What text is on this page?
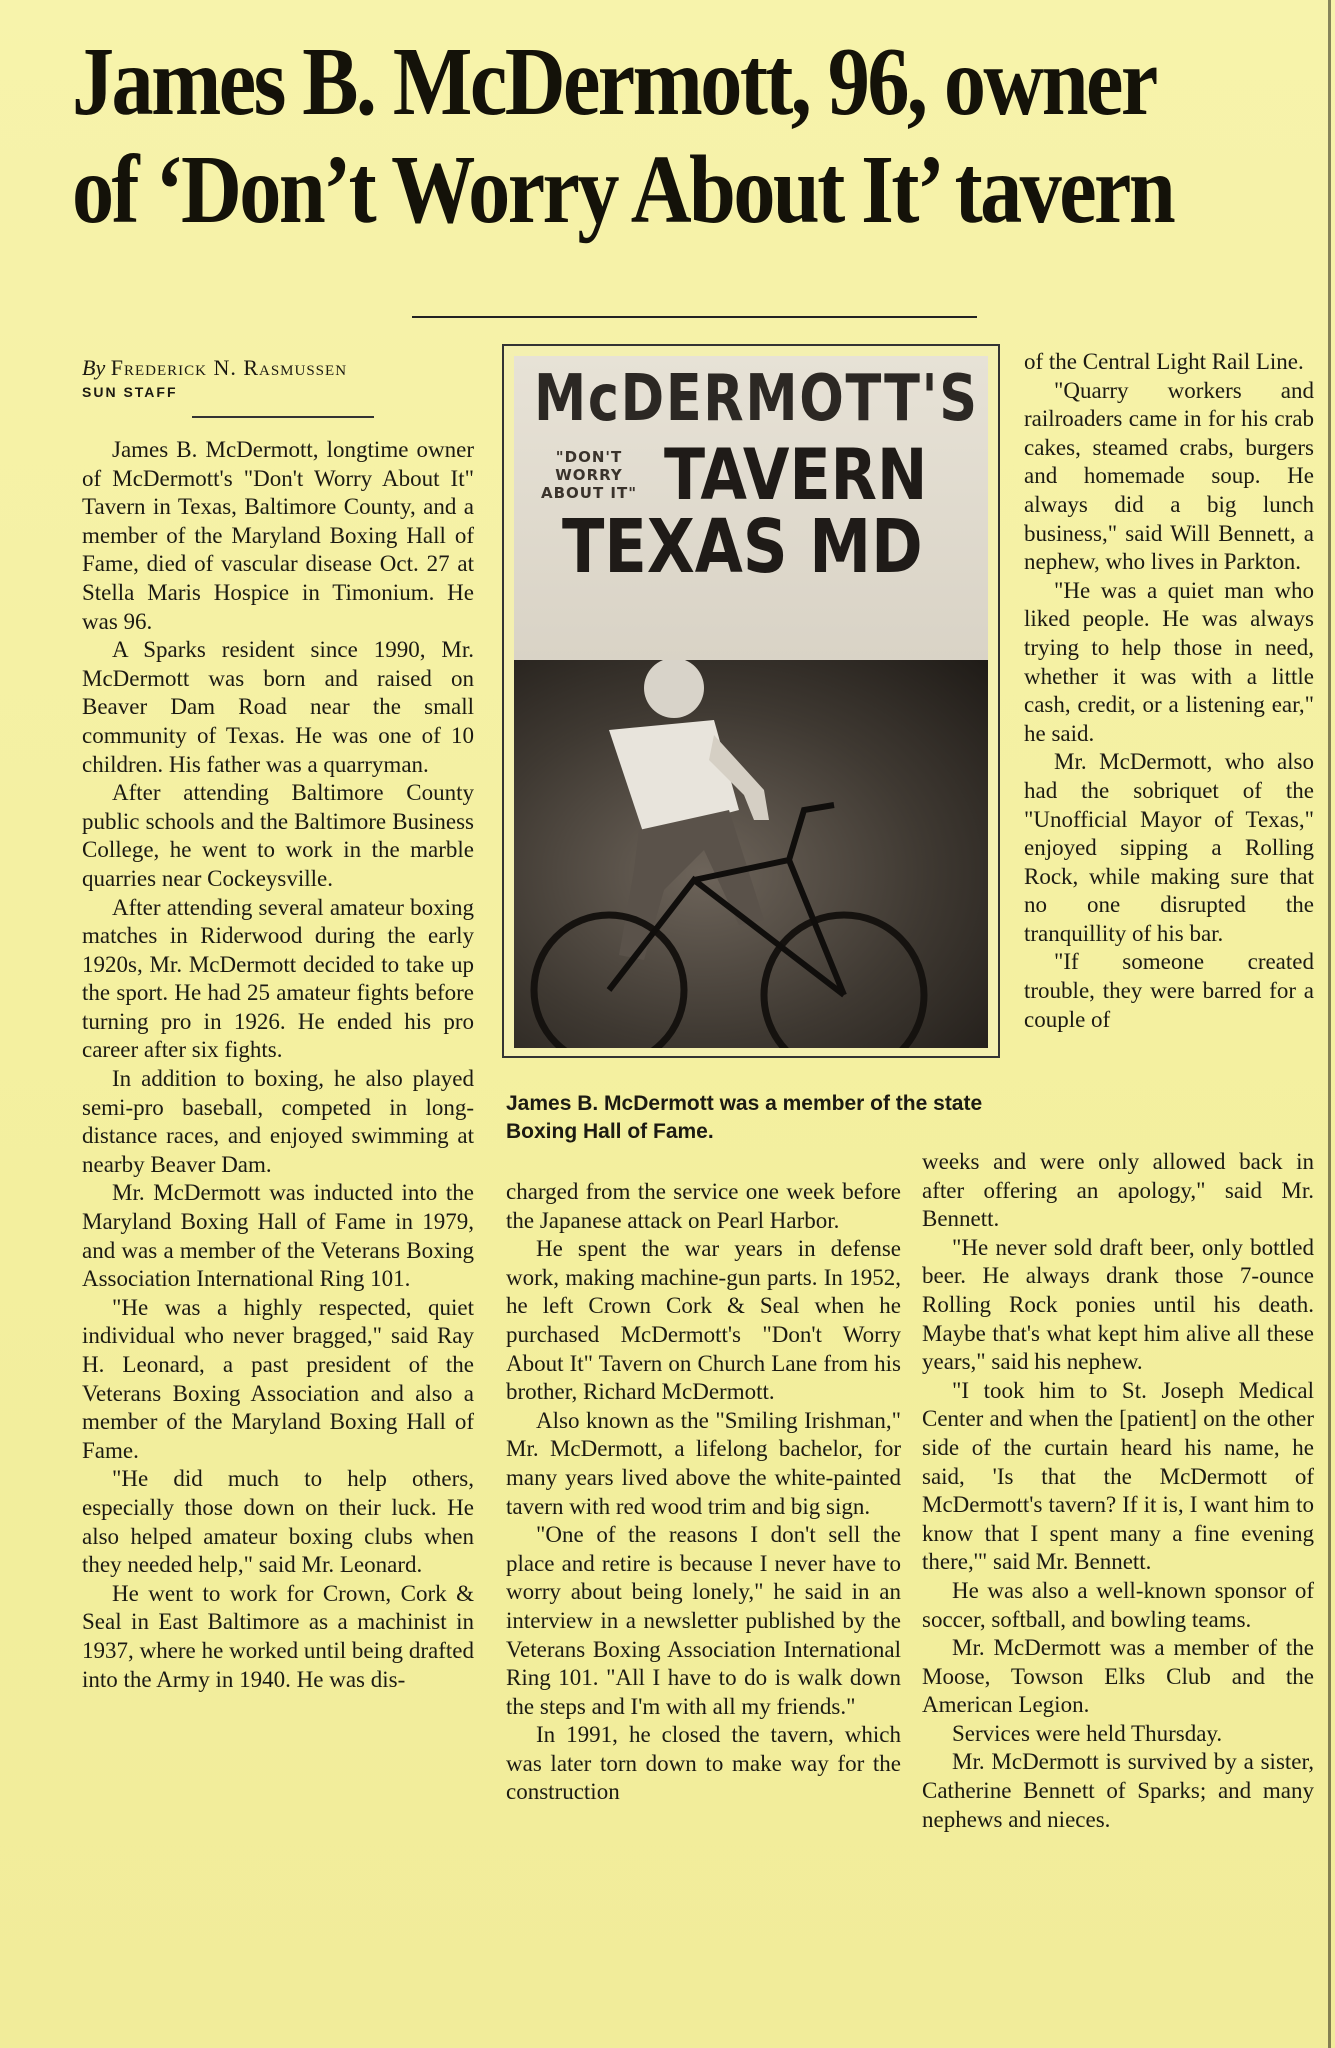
James B. McDermott, 96, owner
of ‘Don’t Worry About It’ tavern
By Frederick N. Rasmussen
SUN STAFF

James B. McDermott, longtime owner of McDermott's "Don't Worry About It" Tavern in Texas, Baltimore County, and a member of the Maryland Boxing Hall of Fame, died of vascular disease Oct. 27 at Stella Maris Hospice in Timonium. He was 96.

A Sparks resident since 1990, Mr. McDermott was born and raised on Beaver Dam Road near the small community of Texas. He was one of 10 children. His father was a quarryman.

After attending Baltimore County public schools and the Baltimore Business College, he went to work in the marble quarries near Cockeysville.

After attending several amateur boxing matches in Riderwood during the early 1920s, Mr. McDermott decided to take up the sport. He had 25 amateur fights before turning pro in 1926. He ended his pro career after six fights.

In addition to boxing, he also played semi-pro baseball, competed in long-distance races, and enjoyed swimming at nearby Beaver Dam.

Mr. McDermott was inducted into the Maryland Boxing Hall of Fame in 1979, and was a member of the Veterans Boxing Association International Ring 101.

"He was a highly respected, quiet individual who never bragged," said Ray H. Leonard, a past president of the Veterans Boxing Association and also a member of the Maryland Boxing Hall of Fame.

"He did much to help others, especially those down on their luck. He also helped amateur boxing clubs when they needed help," said Mr. Leonard.

He went to work for Crown, Cork & Seal in East Baltimore as a machinist in 1937, where he worked until being drafted into the Army in 1940. He was dis-

McDERMOTT'S
"DON'T WORRY
ABOUT IT" TAVERN
TEXAS MD
James B. McDermott was a member of the state Boxing Hall of Fame.

charged from the service one week before the Japanese attack on Pearl Harbor.

He spent the war years in defense work, making machine-gun parts. In 1952, he left Crown Cork & Seal when he purchased McDermott's "Don't Worry About It" Tavern on Church Lane from his brother, Richard McDermott.

Also known as the "Smiling Irishman," Mr. McDermott, a lifelong bachelor, for many years lived above the white-painted tavern with red wood trim and big sign.

"One of the reasons I don't sell the place and retire is because I never have to worry about being lonely," he said in an interview in a newsletter published by the Veterans Boxing Association International Ring 101. "All I have to do is walk down the steps and I'm with all my friends."

In 1991, he closed the tavern, which was later torn down to make way for the construction

of the Central Light Rail Line.

"Quarry workers and railroaders came in for his crab cakes, steamed crabs, burgers and homemade soup. He always did a big lunch business," said Will Bennett, a nephew, who lives in Parkton.

"He was a quiet man who liked people. He was always trying to help those in need, whether it was with a little cash, credit, or a listening ear," he said.

Mr. McDermott, who also had the sobriquet of the "Unofficial Mayor of Texas," enjoyed sipping a Rolling Rock, while making sure that no one disrupted the tranquillity of his bar.

"If someone created trouble, they were barred for a couple of

weeks and were only allowed back in after offering an apology," said Mr. Bennett.

"He never sold draft beer, only bottled beer. He always drank those 7-ounce Rolling Rock ponies until his death. Maybe that's what kept him alive all these years," said his nephew.

"I took him to St. Joseph Medical Center and when the [patient] on the other side of the curtain heard his name, he said, 'Is that the McDermott of McDermott's tavern? If it is, I want him to know that I spent many a fine evening there,'" said Mr. Bennett.

He was also a well-known sponsor of soccer, softball, and bowling teams.

Mr. McDermott was a member of the Moose, Towson Elks Club and the American Legion.

Services were held Thursday.

Mr. McDermott is survived by a sister, Catherine Bennett of Sparks; and many nephews and nieces.
